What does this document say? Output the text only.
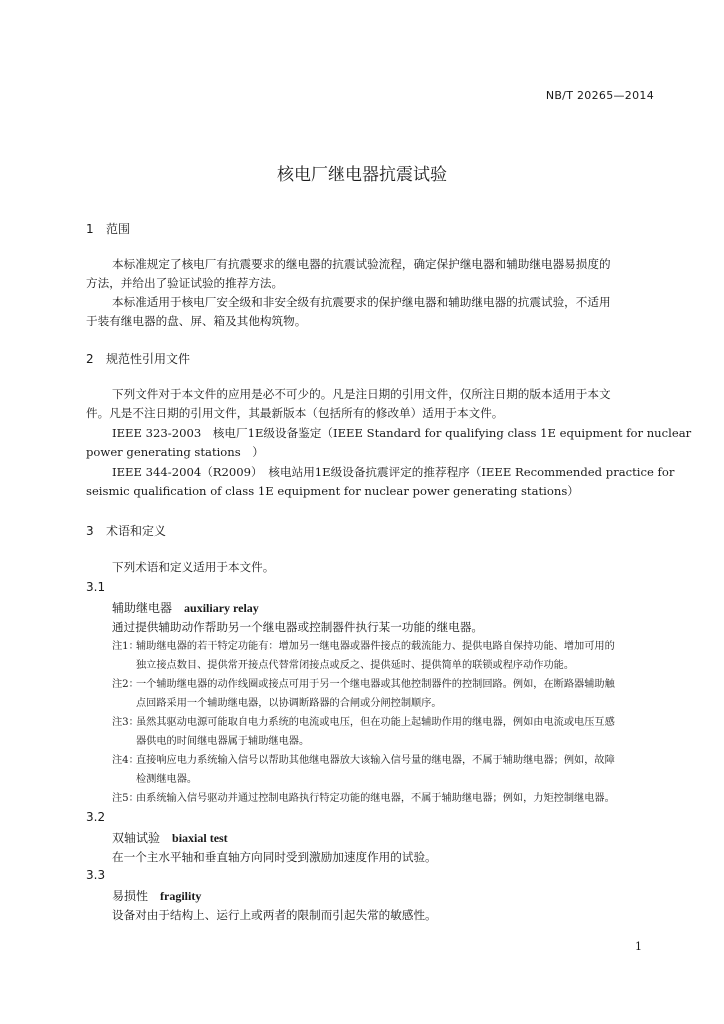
NB/T 20265—2014
核电厂继电器抗震试验
1 范围
本标准规定了核电厂有抗震要求的继电器的抗震试验流程，确定保护继电器和辅助继电器易损度的
方法，并给出了验证试验的推荐方法。
本标准适用于核电厂安全级和非安全级有抗震要求的保护继电器和辅助继电器的抗震试验，不适用
于装有继电器的盘、屏、箱及其他构筑物。
2 规范性引用文件
下列文件对于本文件的应用是必不可少的。凡是注日期的引用文件，仅所注日期的版本适用于本文
件。凡是不注日期的引用文件，其最新版本（包括所有的修改单）适用于本文件。
IEEE 323-2003　核电厂1E级设备鉴定（IEEE Standard for qualifying class 1E equipment for nuclear
power generating stations　）
IEEE 344-2004（R2009）　核电站用1E级设备抗震评定的推荐程序（IEEE Recommended practice for
seismic qualification of class 1E equipment for nuclear power generating stations）
3 术语和定义
下列术语和定义适用于本文件。
3.1
辅助继电器 auxiliary relay
通过提供辅助动作帮助另一个继电器或控制器件执行某一功能的继电器。
注1：辅助继电器的若干特定功能有：增加另一继电器或器件接点的载流能力、提供电路自保持功能、增加可用的
独立接点数目、提供常开接点代替常闭接点或反之、提供延时、提供简单的联锁或程序动作功能。
注2：一个辅助继电器的动作线圈或接点可用于另一个继电器或其他控制器件的控制回路。例如，在断路器辅助触
点回路采用一个辅助继电器，以协调断路器的合闸或分闸控制顺序。
注3：虽然其驱动电源可能取自电力系统的电流或电压，但在功能上起辅助作用的继电器，例如由电流或电压互感
器供电的时间继电器属于辅助继电器。
注4：直接响应电力系统输入信号以帮助其他继电器放大该输入信号量的继电器，不属于辅助继电器；例如，故障
检测继电器。
注5：由系统输入信号驱动并通过控制电路执行特定功能的继电器，不属于辅助继电器；例如，力矩控制继电器。
3.2
双轴试验 biaxial test
在一个主水平轴和垂直轴方向同时受到激励加速度作用的试验。
3.3
易损性 fragility
设备对由于结构上、运行上或两者的限制而引起失常的敏感性。
1
